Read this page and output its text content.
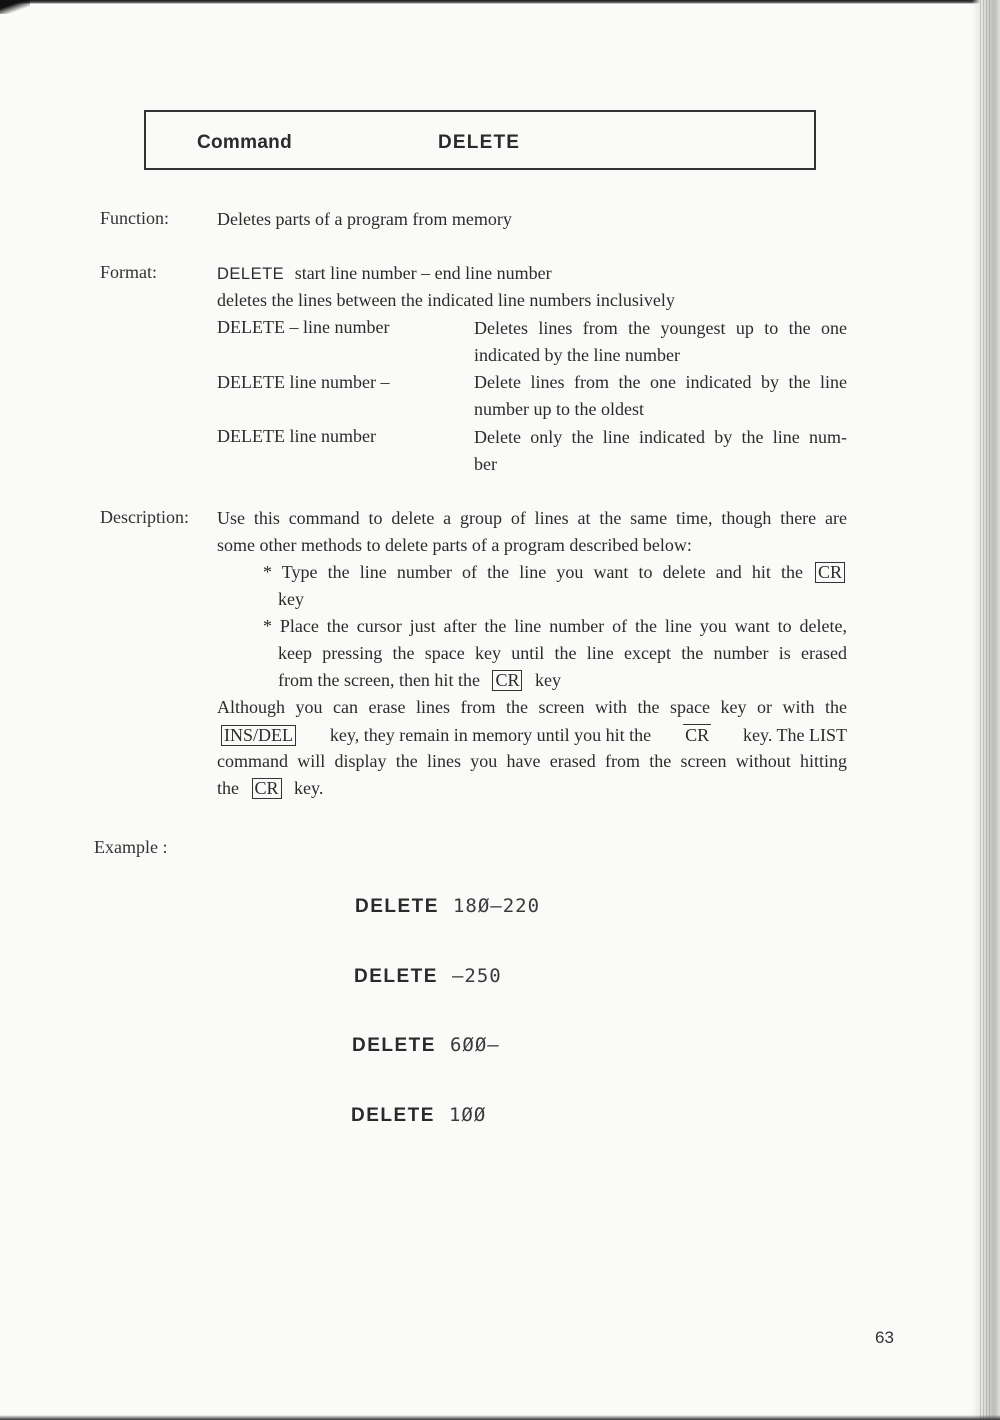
Command	DELETE
Function:	Deletes parts of a program from memory
Format:	DELETE start line number – end line number
deletes the lines between the indicated line numbers inclusively
DELETE – line number	Deletes lines from the youngest up to the one
indicated by the line number
DELETE line number –	Delete lines from the one indicated by the line
number up to the oldest
DELETE line number	Delete only the line indicated by the line num-
ber
Description: Use this command to delete a group of lines at the same time, though there are
some other methods to delete parts of a program described below:
* Type the line number of the line you want to delete and hit the CR
key
* Place the cursor just after the line number of the line you want to delete,
keep pressing the space key until the line except the number is erased
from the screen, then hit the CR key
Although you can erase lines from the screen with the space key or with the
INS/DEL key, they remain in memory until you hit the CR key. The LIST
command will display the lines you have erased from the screen without hitting
the CR key.
Example :
DELETE 18Ø–220
DELETE –250
DELETE 6ØØ–
DELETE 1ØØ
63
